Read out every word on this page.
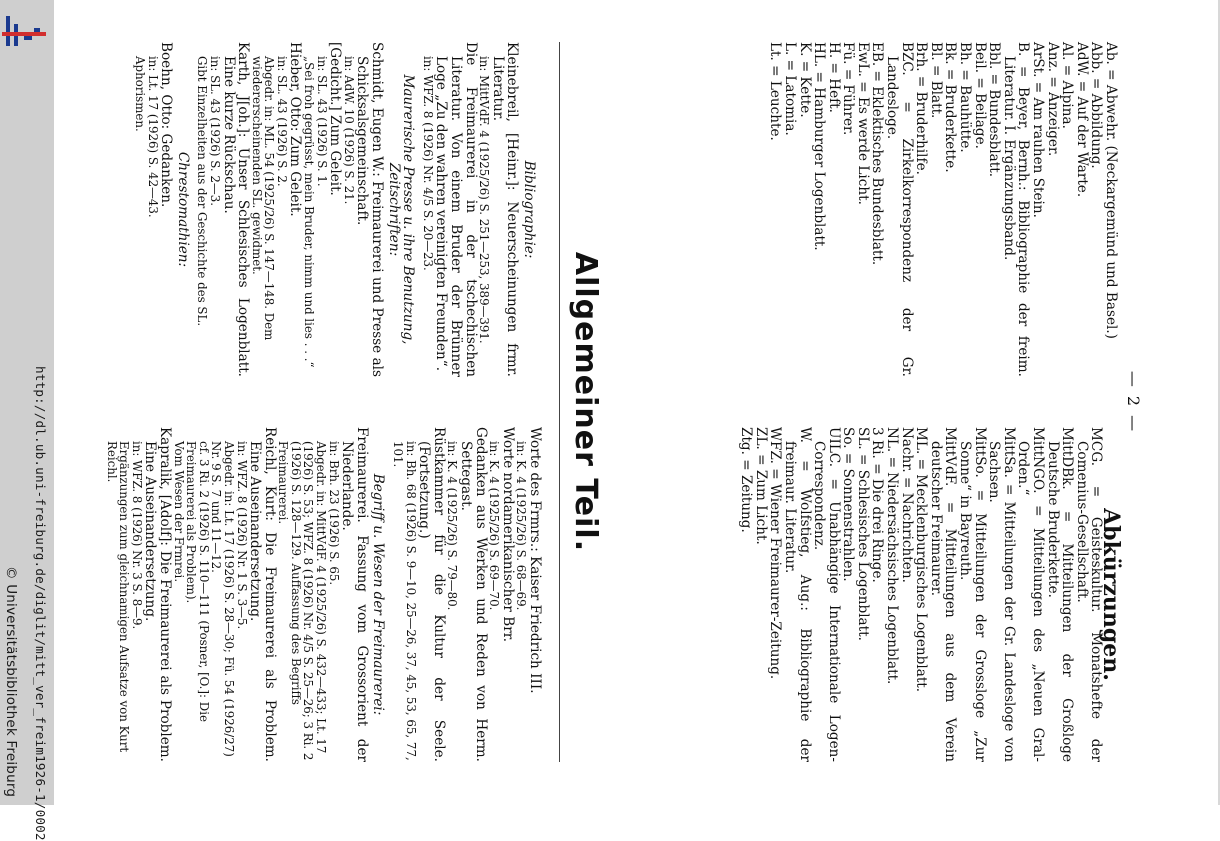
http://dl.ub.uni-freiburg.de/diglit/mitt_ver_freim1926-1/0002
© Universitätsbibliothek Freiburg
— 2 —

Ab. = Abwehr. (Neckargemünd und Basel.)

Abb. = Abbildung.

AdW. = Auf der Warte.

Al. = Alpina.

Anz. = Anzeiger.

ArSt. = Am rauhen Stein.

B. = Beyer, Bernh.: Bibliographie der freim. Literatur. I. Ergänzungsband.

Bbl. = Bundesblatt.

Beil. = Beilage.

Bh. = Bauhütte.

Bk. = Bruderkette.

Bl. = Blatt.

Brh. = Bruderhilfe.

BZC. = Zirkelkorrespondenz der Gr. Landesloge.

EB. = Eklektisches Bundesblatt.

EwL. = Es werde Licht.

Fü. = Führer.

H. = Heft.

HL. = Hamburger Logenblatt.

K. = Kette.

L. = Latomia.

Lt. = Leuchte.

Abkürzungen.

MCG. = Geisteskultur. Monatshefte der Comenius-Gesellschaft.

MittDBk. = Mitteilungen der Großloge Deutsche Bruderkette.

MittNGO. = Mitteilungen des „Neuen Gral-Orden.“

MittSa. = Mitteilungen der Gr. Landesloge von Sachsen.

MittSo. = Mitteilungen der Grossloge „Zur Sonne“ in Bayreuth.

MittVdF. = Mitteilungen aus dem Verein deutscher Freimaurer.

ML. = Mecklenburgisches Logenblatt.

Nachr. = Nachrichten.

NL. = Niedersächsisches Logenblatt.

3 Ri. = Die drei Ringe.

SL. = Schlesisches Logenblatt.

So. = Sonnenstrahlen.

UILC. = Unabhängige Internationale Logen-Correspondenz.

W. = Wolfstieg, Aug.: Bibliographie der freimaur. Literatur.

WFZ. = Wiener Freimaurer-Zeitung.

ZL. = Zum Licht.

Ztg. = Zeitung.

Allgemeiner Teil.
Bibliographie:

Kleinebreil, [Heinr.]: Neuerscheinungen frmr. Literatur.

in: MittVdF. 4 (1925/26) S. 251—253, 389—391.

Die Freimaurerei in der tschechischen Literatur. Von einem Bruder der Brünner Loge „Zu den wahren vereinigten Freunden“.

in: WFZ. 8 (1926) Nr. 4/5 S. 20—23.

Maurerische Presse u. ihre Benutzung, Zeitschriften:

Schmidt, Eugen W.: Freimaurerei und Presse als Schicksalsgemeinschaft.

in: AdW. 10 (1926) S. 21.

[Gedicht.] Zum Geleit.

in: SL. 43 (1926) S. 1.

„Sei froh gegrüsst, mein Bruder, nimm und lies . . .“

Hieber, Otto: Zum Geleit.

in: SL. 43 (1926) S. 2.

Abgedr. in: ML. 54 (1925/26) S. 147—148. Dem wiedererscheinenden SL. gewidmet.

Karth, J[oh.]: Unser Schlesisches Logenblatt. Eine kurze Rückschau.

in: SL. 43 (1926) S. 2—3.

Gibt Einzelheiten aus der Geschichte des SL.

Chrestomathien:

Boehn, Otto: Gedanken.

in: Lt. 17 (1926) S. 42—43.

Aphorismen.

Worte des Frmrs.: Kaiser Friedrich III.

in: K. 4 (1925/26) S. 68—69.

Worte nordamerikanischer Brr.

in: K. 4 (1925/26) S. 69—70.

Gedanken aus Werken und Reden von Herm. Settegast.

in: K. 4 (1925/26) S. 79—80.

Rüstkammer für die Kultur der Seele. (Fortsetzung.)

in: Bh. 68 (1926) S. 9—10, 25—26, 37, 45, 53, 65, 77, 101.

Begriff u. Wesen der Freimaurerei:

Freimaurerei. Fassung vom Grossorient der Niederlande.

in: Brh. 23 (1926) S. 65.

Abgedr. in: MittVdF. 4 (1925/26) S. 432—433; Lt. 17 (1926) S. 53; WFZ. 8 (1926) Nr. 4/5 S. 25—26; 3 Ri. 2 (1926) S. 128—129. Auffassung des Begriffs Freimaurerei.

Reichl, Kurt: Die Freimaurerei als Problem. Eine Auseinandersetzung.

in: WFZ. 8 (1926) Nr. 1 S. 3—5.

Abgedr. in: Lt. 17 (1926) S. 28—30; Fü. 54 (1926/27) Nr. 9 S. 7 und 11—12.

cf. 3 Ri. 2 (1926) S. 110—111 (Posner, [O.]: Die Freimaurerei als Problem).

Vom Wesen der Frmrei.

Kapralik, [Adolf]: Die Freimaurerei als Problem. Eine Auseinandersetzung.

in: WFZ. 8 (1926) Nr. 3 S. 8—9.

Ergänzungen zum gleichnamigen Aufsatze von Kurt Reichl.
